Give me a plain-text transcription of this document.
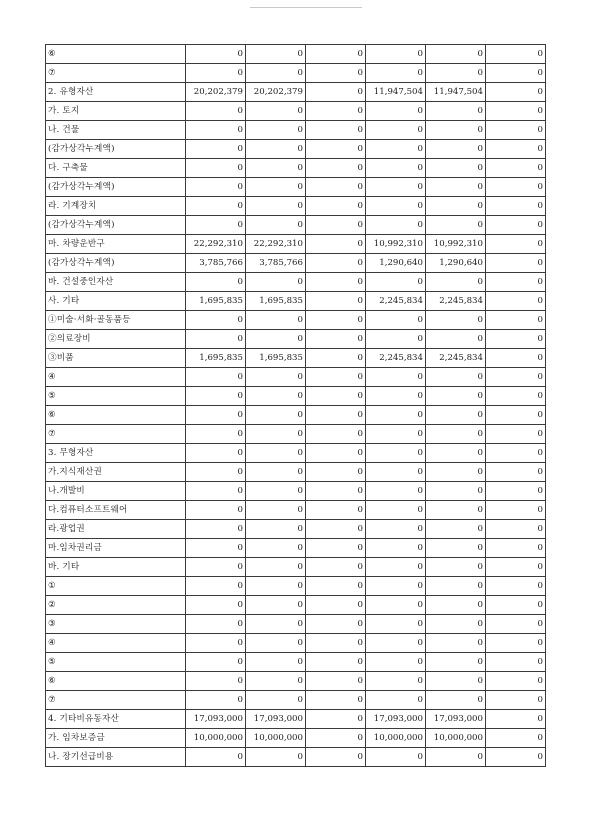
⑥	0	0	0	0	0	0
⑦	0	0	0	0	0	0
2. 유형자산	20,202,379	20,202,379	0	11,947,504	11,947,504	0
가. 토지	0	0	0	0	0	0
나. 건물	0	0	0	0	0	0
(감가상각누계액)	0	0	0	0	0	0
다. 구축물	0	0	0	0	0	0
(감가상각누계액)	0	0	0	0	0	0
라. 기계장치	0	0	0	0	0	0
(감가상각누계액)	0	0	0	0	0	0
마. 차량운반구	22,292,310	22,292,310	0	10,992,310	10,992,310	0
(감가상각누계액)	3,785,766	3,785,766	0	1,290,640	1,290,640	0
바. 건설중인자산	0	0	0	0	0	0
사. 기타	1,695,835	1,695,835	0	2,245,834	2,245,834	0
①미술·서화·골동품등	0	0	0	0	0	0
②의료장비	0	0	0	0	0	0
③비품	1,695,835	1,695,835	0	2,245,834	2,245,834	0
④	0	0	0	0	0	0
⑤	0	0	0	0	0	0
⑥	0	0	0	0	0	0
⑦	0	0	0	0	0	0
3. 무형자산	0	0	0	0	0	0
가.지식재산권	0	0	0	0	0	0
나.개발비	0	0	0	0	0	0
다.컴퓨터소프트웨어	0	0	0	0	0	0
라.광업권	0	0	0	0	0	0
마.임차권리금	0	0	0	0	0	0
바. 기타	0	0	0	0	0	0
①	0	0	0	0	0	0
②	0	0	0	0	0	0
③	0	0	0	0	0	0
④	0	0	0	0	0	0
⑤	0	0	0	0	0	0
⑥	0	0	0	0	0	0
⑦	0	0	0	0	0	0
4. 기타비유동자산	17,093,000	17,093,000	0	17,093,000	17,093,000	0
가. 임차보증금	10,000,000	10,000,000	0	10,000,000	10,000,000	0
나. 장기선급비용	0	0	0	0	0	0
